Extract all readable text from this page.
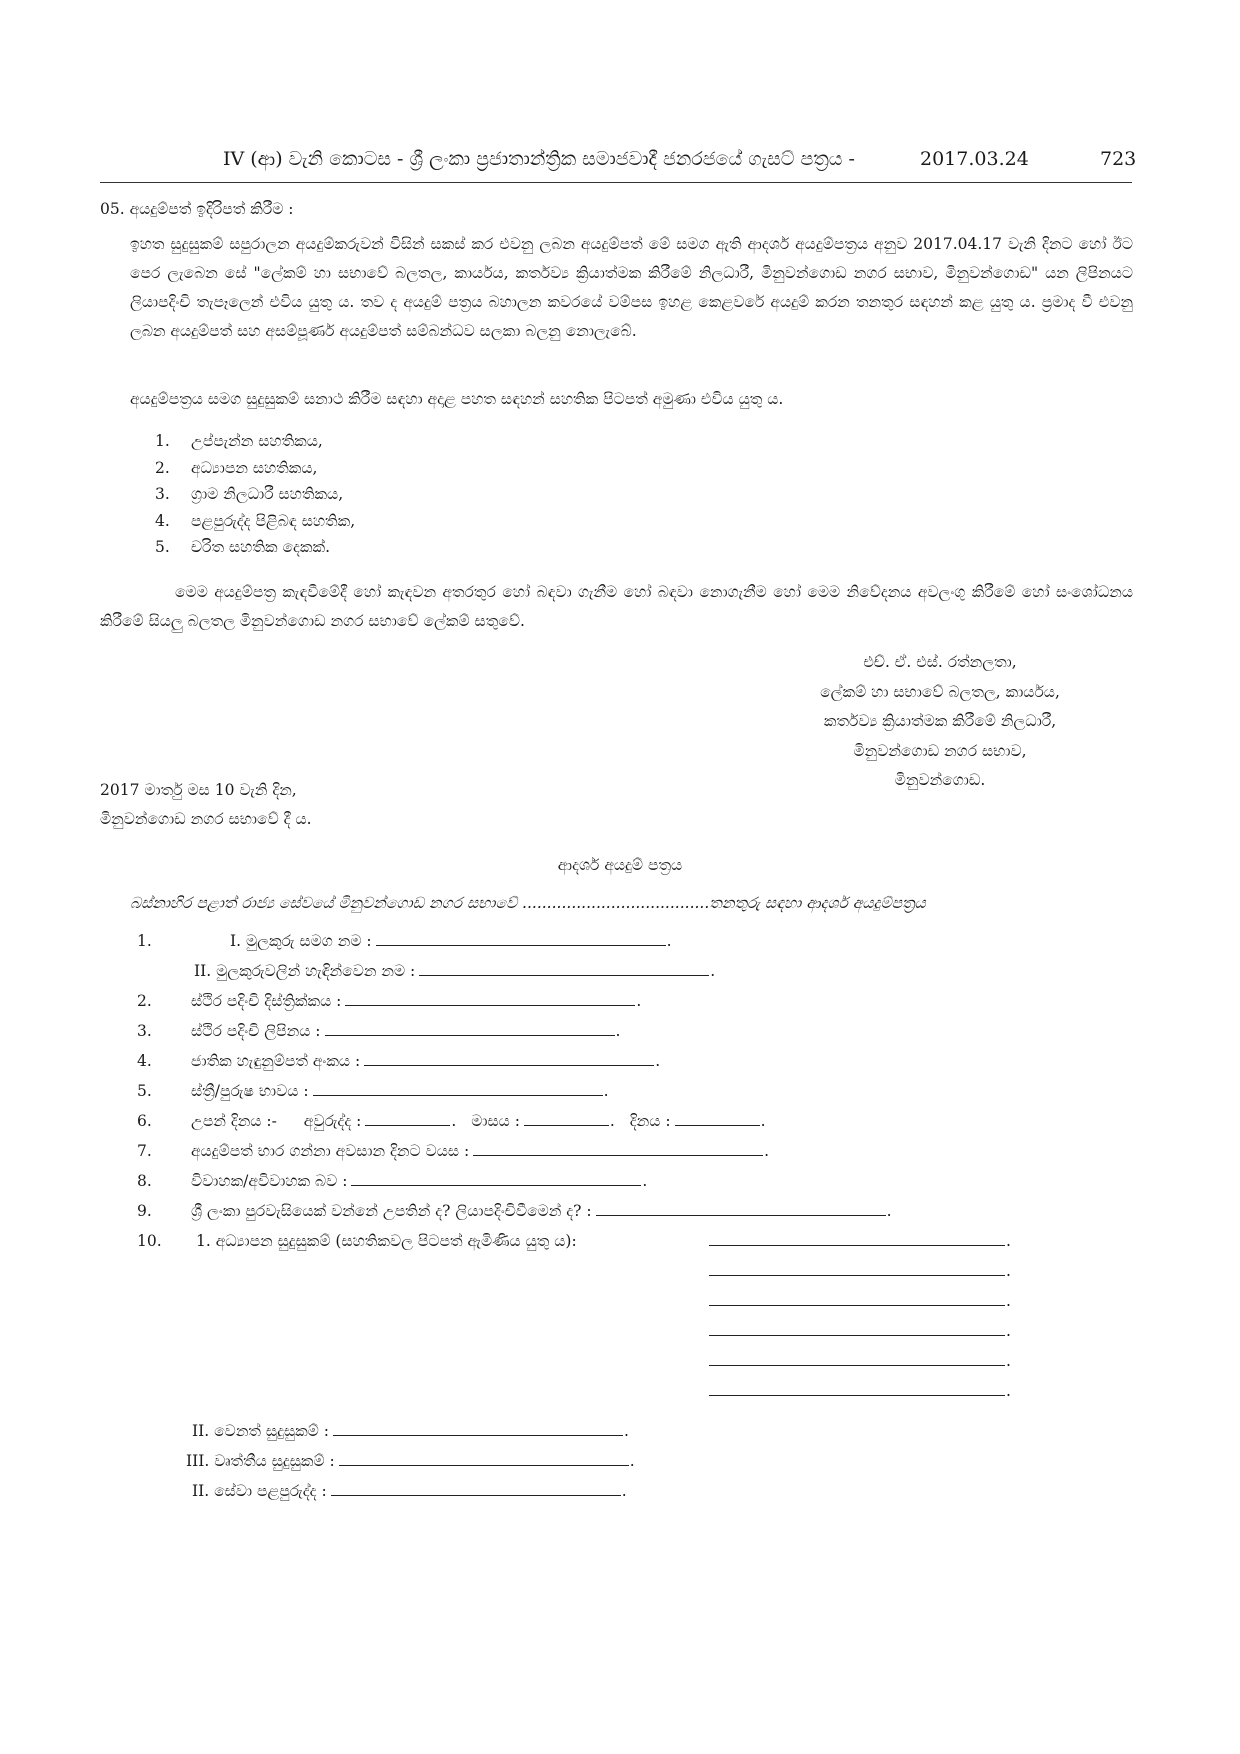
IV (ආ) වැනි කොටස - ශ්‍රී ලංකා ප්‍රජාතාන්ත්‍රික සමාජවාදී ජනරජයේ ගැසට් පත්‍රය -	2017.03.24	723
05. අයදුම්පත් ඉදිරිපත් කිරීම :
ඉහත සුදුසුකම් සපුරාලන අයදුම්කරුවන් විසින් සකස් කර එවනු ලබන අයදුම්පත් මේ සමග ඇති ආදර්ශ අයදුම්පත්‍රය අනුව 2017.04.17 වැනි දිනට හෝ ඊට පෙර ලැබෙන සේ "ලේකම් හා සභාවේ බලතල, කාර්යය, කර්තව්‍ය ක්‍රියාත්මක කිරීමේ නිලධාරී, මිනුවන්ගොඩ නගර සභාව, මිනුවන්ගොඩ" යන ලිපිනයට ලියාපදිංචි තැපෑලෙන් එවිය යුතු ය. තව ද අයදුම් පත්‍රය බහාලන කවරයේ වම්පස ඉහළ කෙළවරේ අයදුම් කරන තනතුර සඳහන් කළ යුතු ය. ප්‍රමාද වී එවනු ලබන අයදුම්පත් සහ අසම්පූර්ණ අයදුම්පත් සම්බන්ධව සලකා බලනු නොලැබේ.
අයදුම්පත්‍රය සමග සුදුසුකම් සනාථ කිරීම සඳහා අදාළ පහත සඳහන් සහතික පිටපත් අමුණා එවිය යුතු ය.
1. උප්පැන්න සහතිකය,
2. අධ්‍යාපන සහතිකය,
3. ග්‍රාම නිලධාරී සහතිකය,
4. පළපුරුද්ද පිළිබඳ සහතික,
5. චරිත සහතික දෙකක්.
මෙම අයදුම්පත්‍ර කැඳවීමේදී හෝ කැඳවන අතරතුර හෝ බඳවා ගැනීම හෝ බඳවා නොගැනීම හෝ මෙම නිවේදනය අවලංගු කිරීමේ හෝ සංශෝධනය කිරීමේ සියලු බලතල මිනුවන්ගොඩ නගර සභාවේ ලේකම් සතුවේ.
එච්. ඒ. එස්. රත්නලතා,
ලේකම් හා සභාවේ බලතල, කාර්යය,
කර්තව්‍ය ක්‍රියාත්මක කිරීමේ නිලධාරී,
මිනුවන්ගොඩ නගර සභාව,
මිනුවන්ගොඩ.
2017 මාර්තු මස 10 වැනි දින,
මිනුවන්ගොඩ නගර සභාවේ දී ය.
ආදර්ශ අයදුම් පත්‍රය
බස්නාහිර පළාත් රාජ්‍ය සේවයේ මිනුවන්ගොඩ නගර සභාවේ ......................................තනතුරු සඳහා ආදර්ශ අයදුම්පත්‍රය
1.	I. මුලකුරු සමග නම :	.
II. මුලකුරුවලින් හැඳින්වෙන නම :	.
2.	ස්ථිර පදිංචි දිස්ත්‍රික්කය :	.
3.	ස්ථිර පදිංචි ලිපිනය :	.
4.	ජාතික හැඳුනුම්පත් අංකය :	.
5.	ස්ත්‍රී/පුරුෂ භාවය :	.
6.	උපන් දිනය :- අවුරුද්ද :	. මාසය :	. දිනය :	.
7.	අයදුම්පත් භාර ගන්නා අවසාන දිනට වයස :	.
8.	විවාහක/අවිවාහක බව :	.
9.	ශ්‍රී ලංකා පුරවැසියෙක් වන්නේ උපතින් ද? ලියාපදිංචිවීමෙන් ද? :	.
10. 1. අධ්‍යාපන සුදුසුකම් (සහතිකවල පිටපත් ඇමිණිය යුතු ය):	.
.
.
.
.
.
II. වෙනත් සුදුසුකම් :	.
III. වෘත්තීය සුදුසුකම් :	.
II. සේවා පළපුරුද්ද :	.
